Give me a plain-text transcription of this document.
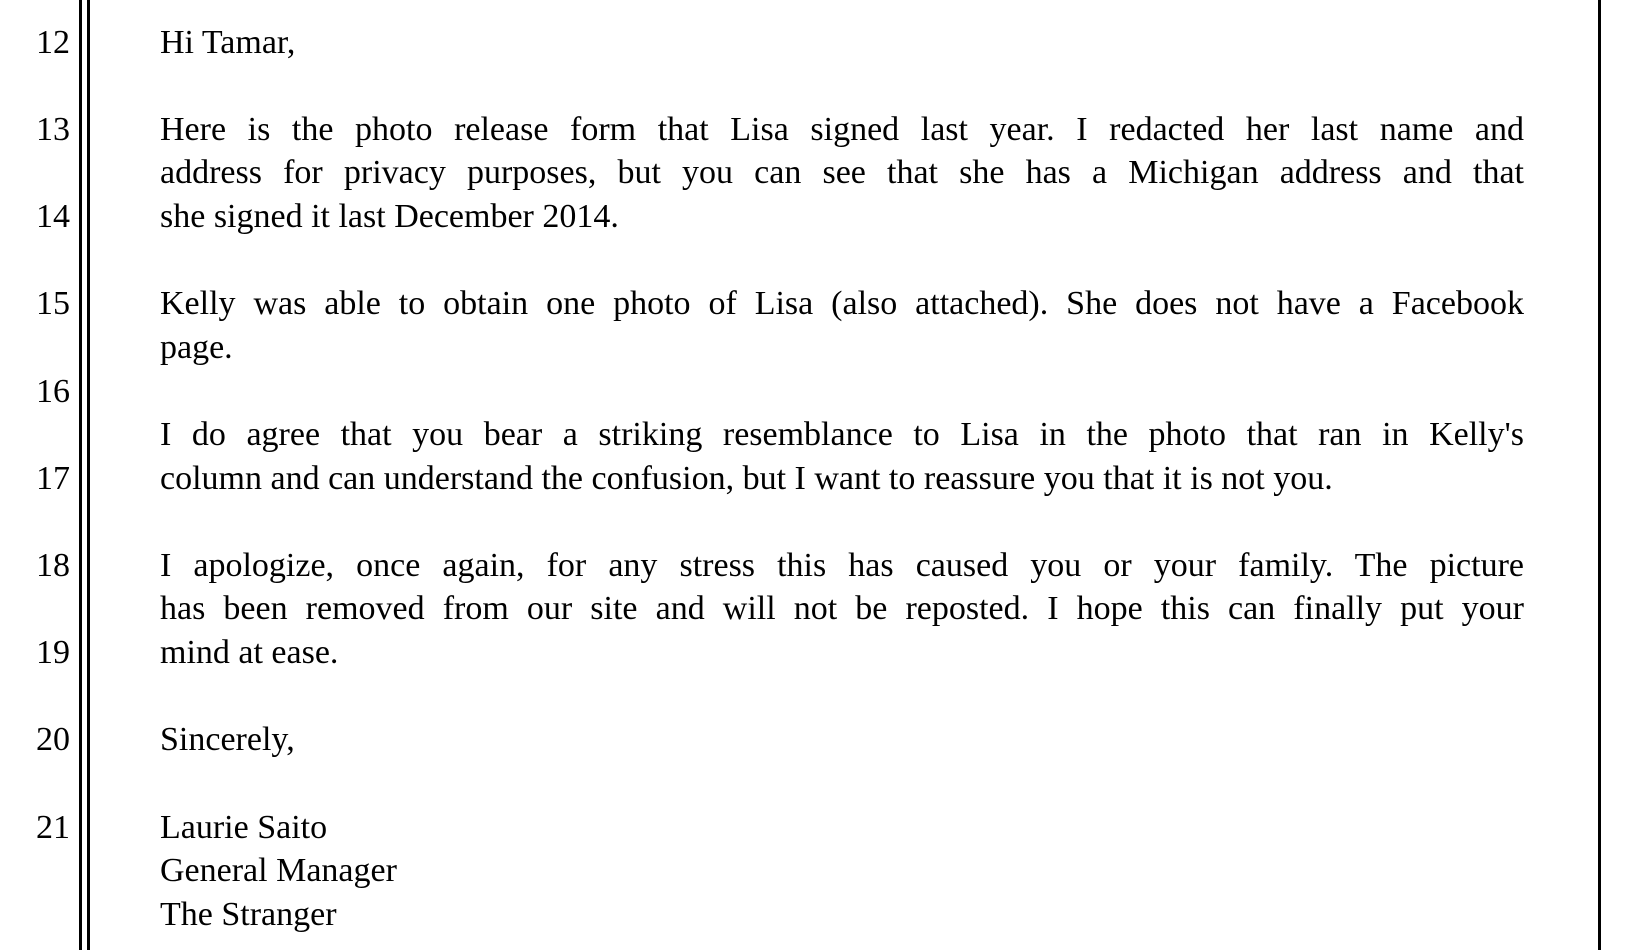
12
13
14
15
16
17
18
19
20
21
Hi Tamar,
Here is the photo release form that Lisa signed last year. I redacted her last name and
address for privacy purposes, but you can see that she has a Michigan address and that
she signed it last December 2014.
Kelly was able to obtain one photo of Lisa (also attached). She does not have a Facebook
page.
I do agree that you bear a striking resemblance to Lisa in the photo that ran in Kelly's
column and can understand the confusion, but I want to reassure you that it is not you.
I apologize, once again, for any stress this has caused you or your family. The picture
has been removed from our site and will not be reposted. I hope this can finally put your
mind at ease.
Sincerely,
Laurie Saito
General Manager
The Stranger
